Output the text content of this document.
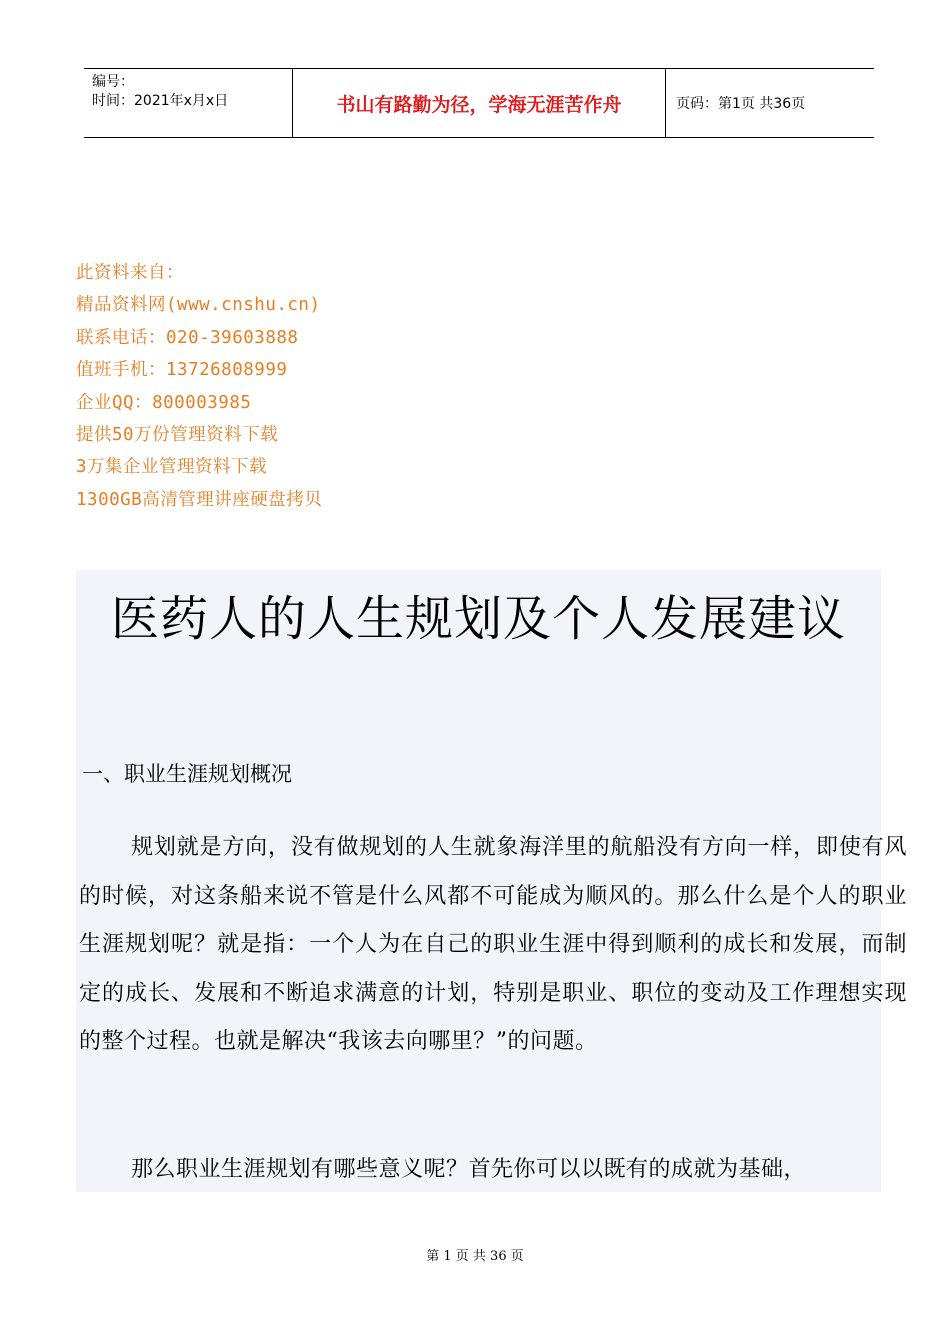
编号：
时间：2021年x月x日	书山有路勤为径，学海无涯苦作舟	页码：第1页 共36页
此资料来自：
精品资料网(www.cnshu.cn)
联系电话：020-39603888
值班手机：13726808999
企业QQ：800003985
提供50万份管理资料下载
3万集企业管理资料下载
1300GB高清管理讲座硬盘拷贝
医药人的人生规划及个人发展建议
一、职业生涯规划概况
规划就是方向，没有做规划的人生就象海洋里的航船没有方向一样，即使有风的时候，对这条船来说不管是什么风都不可能成为顺风的。那么什么是个人的职业生涯规划呢？就是指：一个人为在自己的职业生涯中得到顺利的成长和发展，而制定的成长、发展和不断追求满意的计划，特别是职业、职位的变动及工作理想实现的整个过程。也就是解决“我该去向哪里？”的问题。
那么职业生涯规划有哪些意义呢？首先你可以以既有的成就为基础，
第 1 页 共 36 页
